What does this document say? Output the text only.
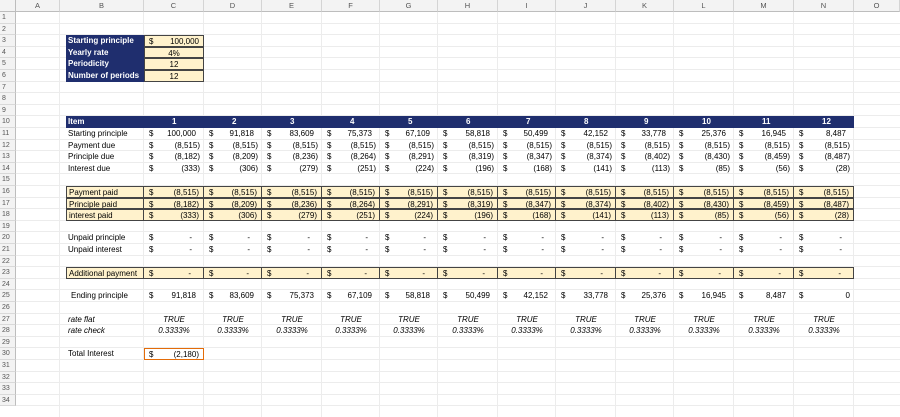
A	B	C	D	E	F	G	H	I	J	K	L	M	N	O
1
2
3
4
5
6
7
8
9
10
11
12
13
14
15
16
17
18
19
20
21
22
23
24
25
26
27
28
29
30
31
32
33
34
Starting principle	$ 100,000
Yearly rate	4%
Periodicity	12
Number of periods	12
Item	1	2	3	4	5	6	7	8	9	10	11	12
Starting principle	$ 100,000	$ 91,818	$ 83,609	$ 75,373	$ 67,109	$ 58,818	$ 50,499	$ 42,152	$ 33,778	$ 25,376	$ 16,945	$	8,487
Payment due	$	(8,515)	$ (8,515)	$	(8,515)	$ (8,515)	$ (8,515)	$	(8,515)	$ (8,515)	$	(8,515)	$ (8,515)	$	(8,515)	$	(8,515)	$	(8,515)
Principle due	$	(8,182)	$ (8,209)	$	(8,236)	$ (8,264)	$ (8,291)	$	(8,319)	$ (8,347)	$	(8,374)	$ (8,402)	$	(8,430)	$	(8,459)	$	(8,487)
Interest due	$	(333)	$	(306)	$	(279)	$	(251)	$	(224)	$	(196)	$	(168)	$	(141)	$	(113)	$	(85)	$	(56)	$	(28)
Payment paid	$	(8,515)	$ (8,515)	$	(8,515)	$ (8,515)	$ (8,515)	$	(8,515)	$ (8,515)	$	(8,515)	$ (8,515)	$	(8,515)	$	(8,515)	$	(8,515)
Principle paid	$	(8,182)	$ (8,209)	$	(8,236)	$ (8,264)	$ (8,291)	$	(8,319)	$ (8,347)	$	(8,374)	$ (8,402)	$	(8,430)	$	(8,459)	$	(8,487)
interest paid	$	(333)	$	(306)	$	(279)	$	(251)	$	(224)	$	(196)	$	(168)	$	(141)	$	(113)	$	(85)	$	(56)	$	(28)
Unpaid principle	$	-	$	-	$	-	$	-	$	-	$	-	$	-	$	-	$	-	$	-	$	-	$	-
Unpaid interest	$	-	$	-	$	-	$	-	$	-	$	-	$	-	$	-	$	-	$	-	$	-	$	-
Additional payment	$	-	$	-	$	-	$	-	$	-	$	-	$	-	$	-	$	-	$	-	$	-	$	-
Ending principle	$ 91,818	$ 83,609	$ 75,373	$ 67,109	$ 58,818	$ 50,499	$ 42,152	$ 33,778	$ 25,376	$ 16,945	$	8,487	$	0
rate flat	TRUE	TRUE	TRUE	TRUE	TRUE	TRUE	TRUE	TRUE	TRUE	TRUE	TRUE	TRUE
rate check	0.3333%	0.3333%	0.3333%	0.3333%	0.3333%	0.3333%	0.3333%	0.3333%	0.3333%	0.3333%	0.3333%	0.3333%
Total Interest	$	(2,180)
